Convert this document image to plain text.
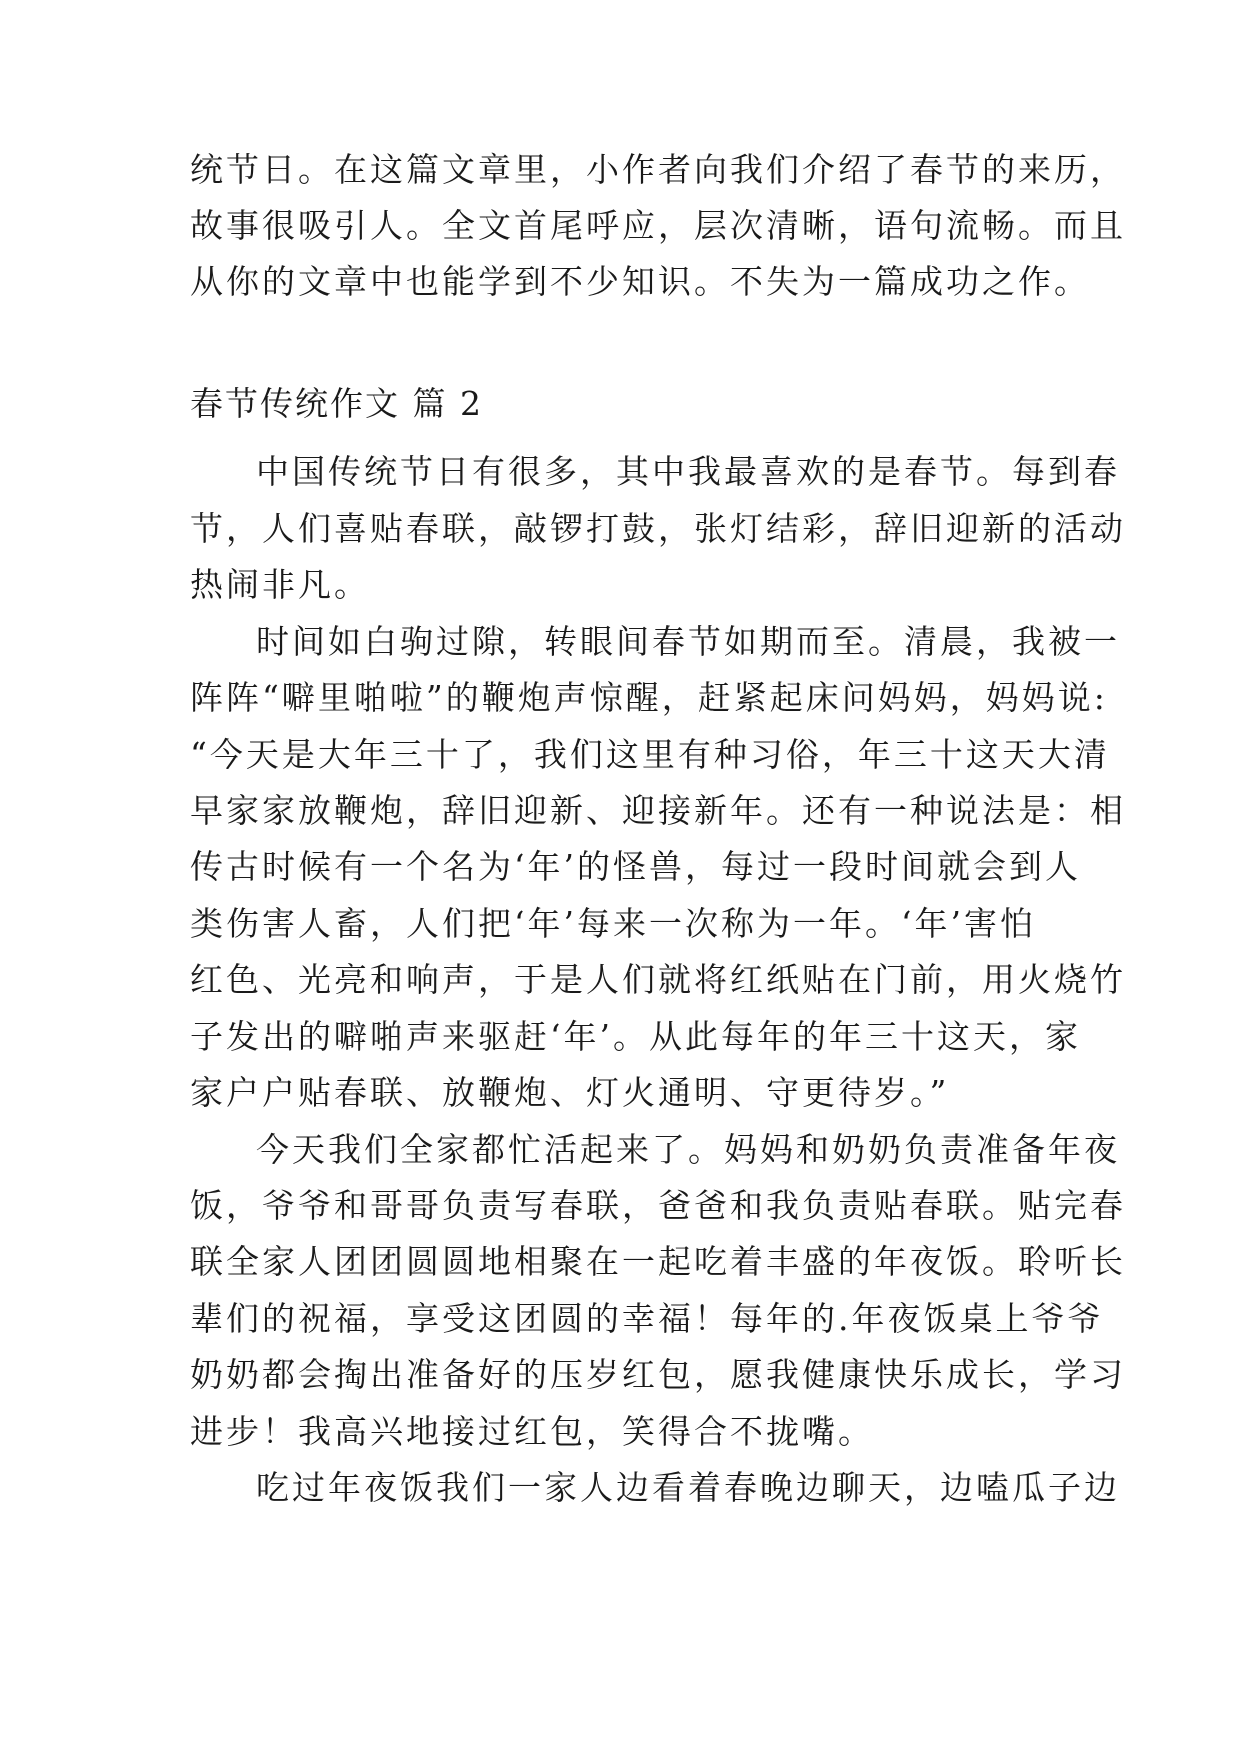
统节日。在这篇文章里，小作者向我们介绍了春节的来历，
故事很吸引人。全文首尾呼应，层次清晰，语句流畅。而且
从你的文章中也能学到不少知识。不失为一篇成功之作。
春节传统作文 篇 2
中国传统节日有很多，其中我最喜欢的是春节。每到春
节，人们喜贴春联，敲锣打鼓，张灯结彩，辞旧迎新的活动
热闹非凡。
时间如白驹过隙，转眼间春节如期而至。清晨，我被一
阵阵“噼里啪啦”的鞭炮声惊醒，赶紧起床问妈妈，妈妈说:
“今天是大年三十了，我们这里有种习俗，年三十这天大清
早家家放鞭炮，辞旧迎新、迎接新年。还有一种说法是：相
传古时候有一个名为‘年’的怪兽，每过一段时间就会到人
类伤害人畜，人们把‘年’每来一次称为一年。‘年’害怕
红色、光亮和响声，于是人们就将红纸贴在门前，用火烧竹
子发出的噼啪声来驱赶‘年’。从此每年的年三十这天，家
家户户贴春联、放鞭炮、灯火通明、守更待岁。”
今天我们全家都忙活起来了。妈妈和奶奶负责准备年夜
饭，爷爷和哥哥负责写春联，爸爸和我负责贴春联。贴完春
联全家人团团圆圆地相聚在一起吃着丰盛的年夜饭。聆听长
辈们的祝福，享受这团圆的幸福！每年的.年夜饭桌上爷爷
奶奶都会掏出准备好的压岁红包，愿我健康快乐成长，学习
进步！我高兴地接过红包，笑得合不拢嘴。
吃过年夜饭我们一家人边看着春晚边聊天，边嗑瓜子边
